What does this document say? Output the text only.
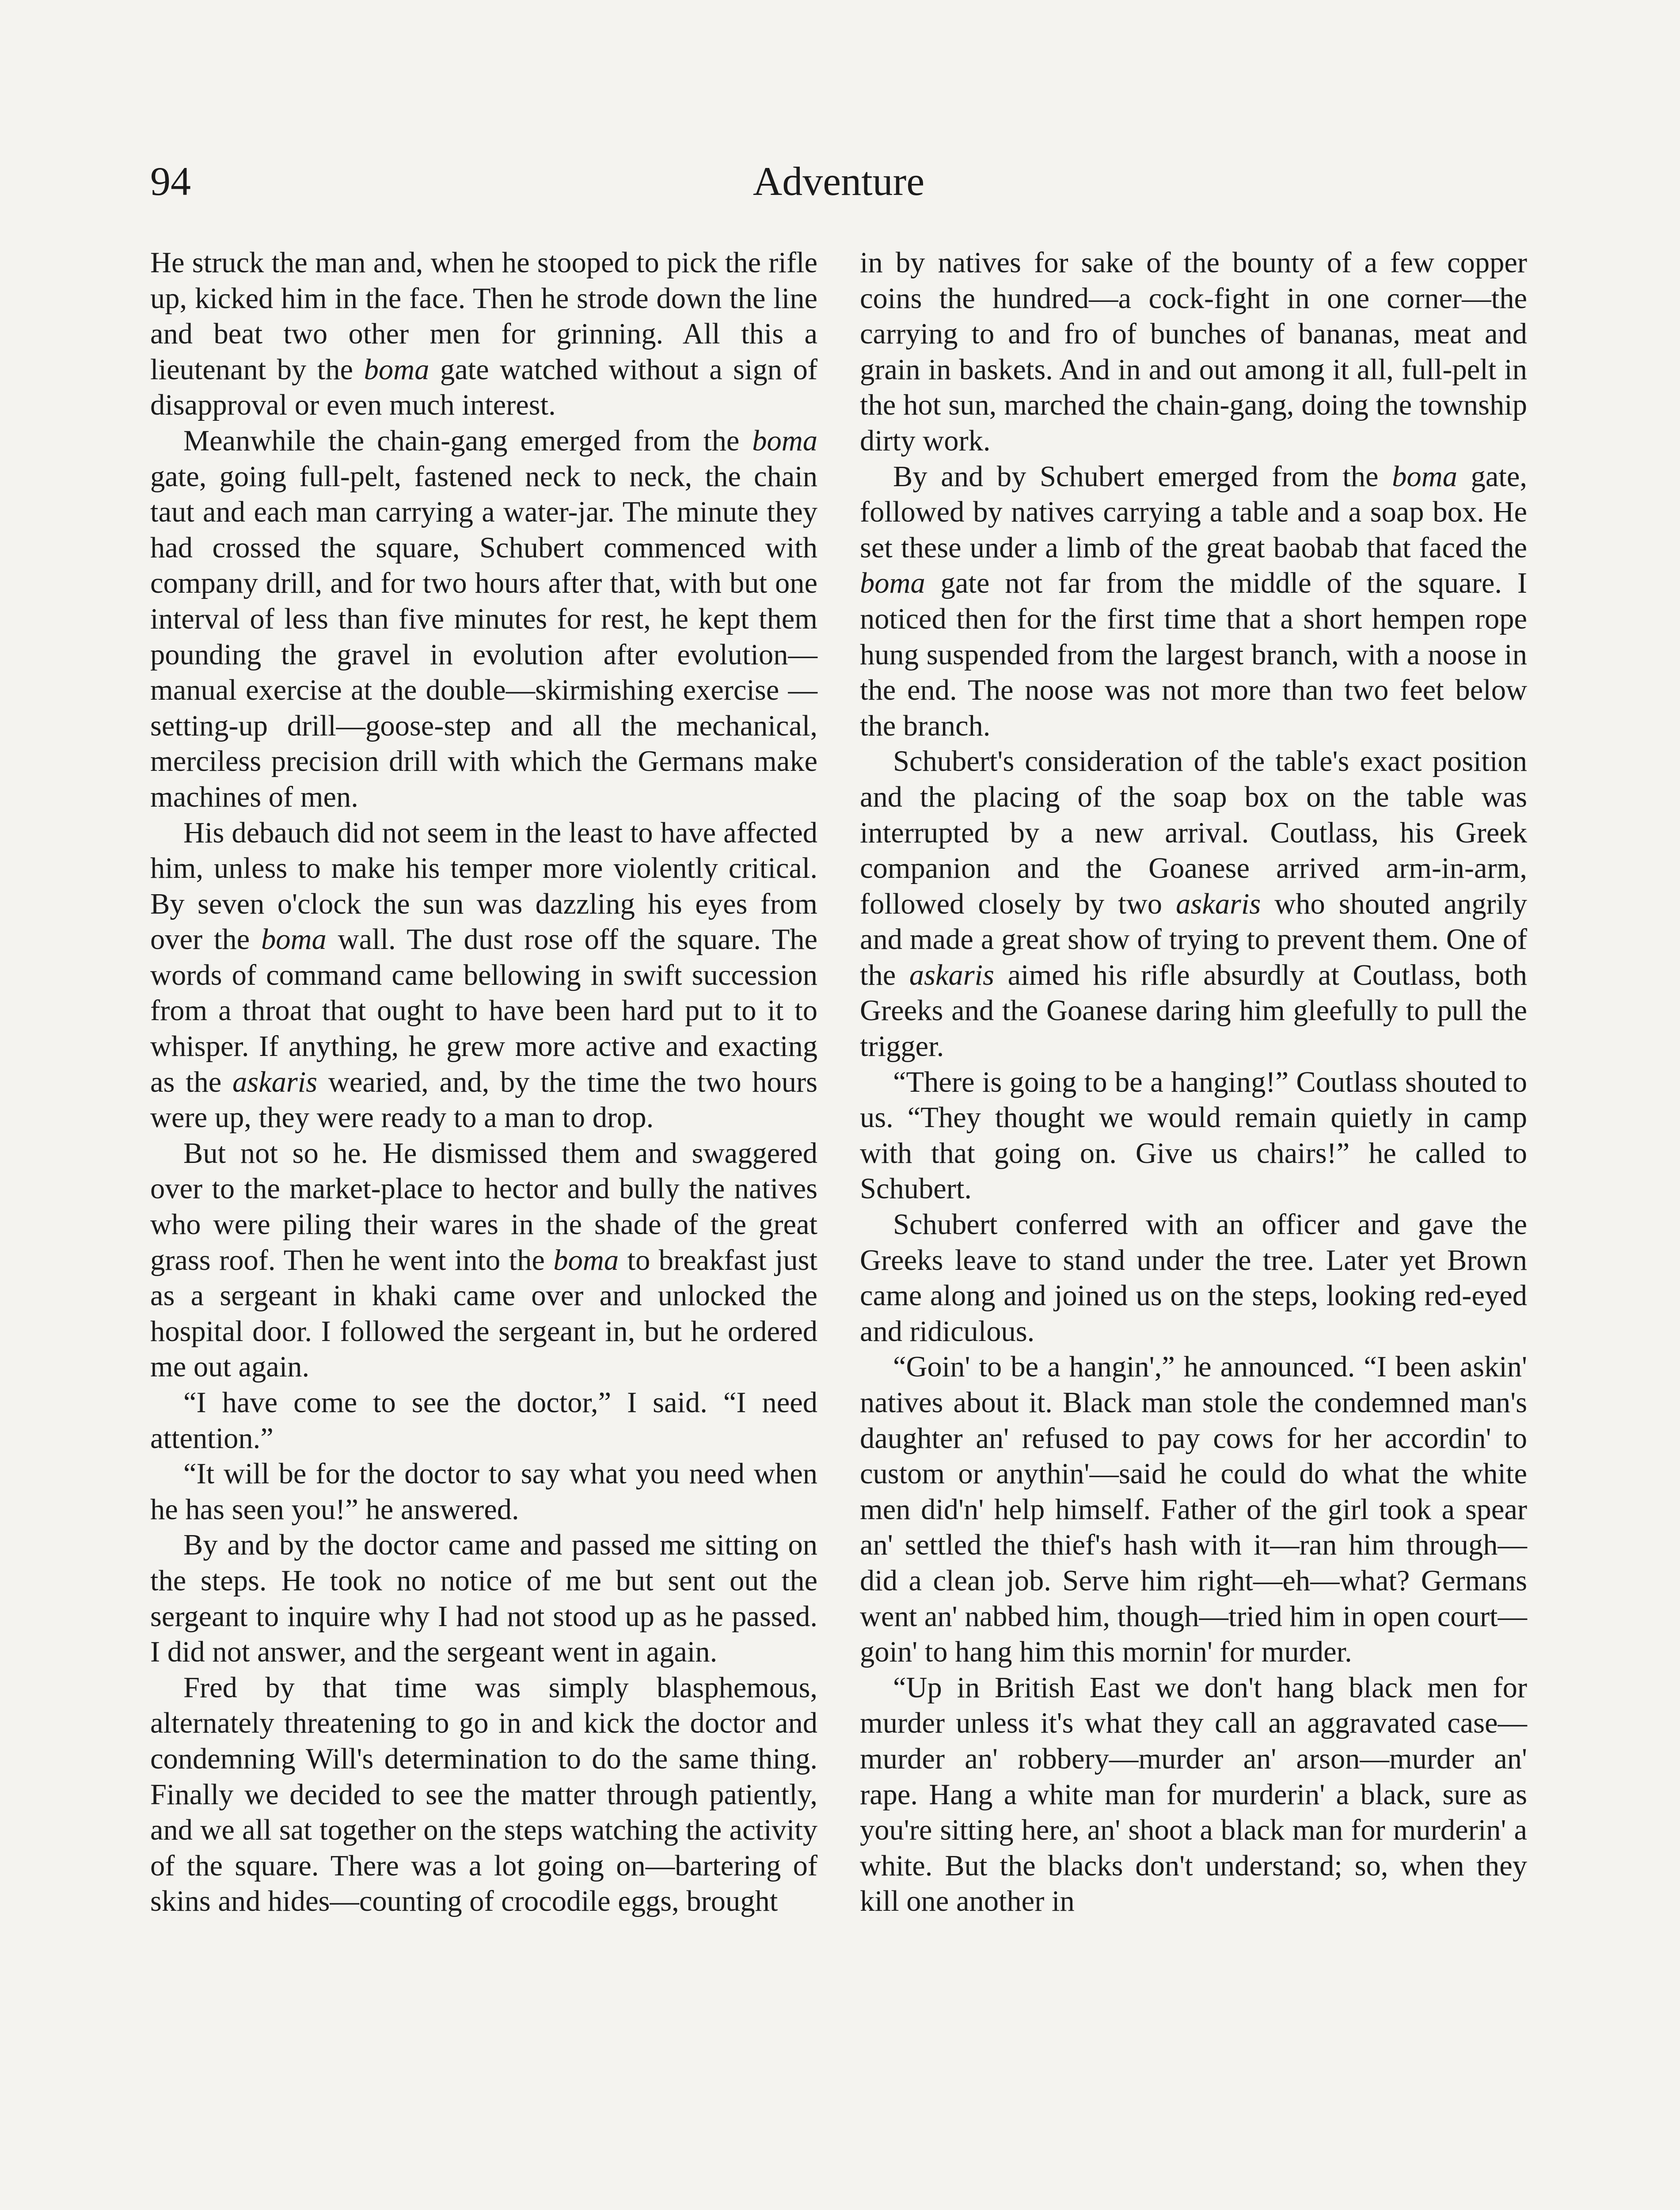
94	Adventure

He struck the man and, when he stooped to pick the rifle up, kicked him in the face. Then he strode down the line and beat two other men for grinning. All this a lieutenant by the boma gate watched without a sign of disapproval or even much interest.

Meanwhile the chain-gang emerged from the boma gate, going full-pelt, fastened neck to neck, the chain taut and each man carrying a water-jar. The minute they had crossed the square, Schubert commenced with company drill, and for two hours after that, with but one interval of less than five minutes for rest, he kept them pounding the gravel in evolution after evolution—manual exercise at the double—skirmishing exercise —setting-up drill—goose-step and all the mechanical, merciless precision drill with which the Germans make machines of men.

His debauch did not seem in the least to have affected him, unless to make his temper more violently critical. By seven o'clock the sun was dazzling his eyes from over the boma wall. The dust rose off the square. The words of command came bellowing in swift succession from a throat that ought to have been hard put to it to whisper. If anything, he grew more active and exacting as the askaris wearied, and, by the time the two hours were up, they were ready to a man to drop.

But not so he. He dismissed them and swaggered over to the market-place to hector and bully the natives who were piling their wares in the shade of the great grass roof. Then he went into the boma to breakfast just as a sergeant in khaki came over and unlocked the hospital door. I followed the sergeant in, but he ordered me out again.

“I have come to see the doctor,” I said. “I need attention.”

“It will be for the doctor to say what you need when he has seen you!” he answered.

By and by the doctor came and passed me sitting on the steps. He took no notice of me but sent out the sergeant to inquire why I had not stood up as he passed. I did not answer, and the sergeant went in again.

Fred by that time was simply blasphemous, alternately threatening to go in and kick the doctor and condemning Will's determination to do the same thing. Finally we decided to see the matter through patiently, and we all sat together on the steps watching the activity of the square. There was a lot going on—bartering of skins and hides—counting of crocodile eggs, brought

in by natives for sake of the bounty of a few copper coins the hundred—a cock-fight in one corner—the carrying to and fro of bunches of bananas, meat and grain in baskets. And in and out among it all, full-pelt in the hot sun, marched the chain-gang, doing the township dirty work.

By and by Schubert emerged from the boma gate, followed by natives carrying a table and a soap box. He set these under a limb of the great baobab that faced the boma gate not far from the middle of the square. I noticed then for the first time that a short hempen rope hung suspended from the largest branch, with a noose in the end. The noose was not more than two feet below the branch.

Schubert's consideration of the table's exact position and the placing of the soap box on the table was interrupted by a new arrival. Coutlass, his Greek companion and the Goanese arrived arm-in-arm, followed closely by two askaris who shouted angrily and made a great show of trying to prevent them. One of the askaris aimed his rifle absurdly at Coutlass, both Greeks and the Goanese daring him gleefully to pull the trigger.

“There is going to be a hanging!” Coutlass shouted to us. “They thought we would remain quietly in camp with that going on. Give us chairs!” he called to Schubert.

Schubert conferred with an officer and gave the Greeks leave to stand under the tree. Later yet Brown came along and joined us on the steps, looking red-eyed and ridiculous.

“Goin' to be a hangin',” he announced. “I been askin' natives about it. Black man stole the condemned man's daughter an' refused to pay cows for her accordin' to custom or anythin'—said he could do what the white men did'n' help himself. Father of the girl took a spear an' settled the thief's hash with it—ran him through—did a clean job. Serve him right—eh—what? Germans went an' nabbed him, though—tried him in open court—goin' to hang him this mornin' for murder.

“Up in British East we don't hang black men for murder unless it's what they call an aggravated case—murder an' robbery—murder an' arson—murder an' rape. Hang a white man for murderin' a black, sure as you're sitting here, an' shoot a black man for murderin' a white. But the blacks don't understand; so, when they kill one another in
